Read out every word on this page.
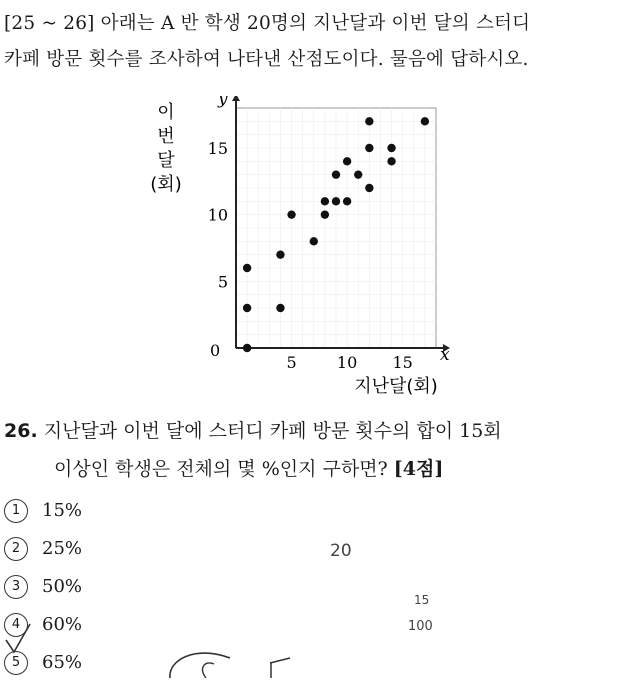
[25 ~ 26] 아래는 A 반 학생 20명의 지난달과 이번 달의 스터디
카페 방문 횟수를 조사하여 나타낸 산점도이다. 물음에 답하시오.
x
y
0
5	10 15
5
10
15
이
번
달
(회)
지난달(회)
26. 지난달과 이번 달에 스터디 카페 방문 횟수의 합이 15회
이상인 학생은 전체의 몇 %인지 구하면? [4점]
1	15%
2	25%
3	50%
4	60%
5	65%
20
15
100
